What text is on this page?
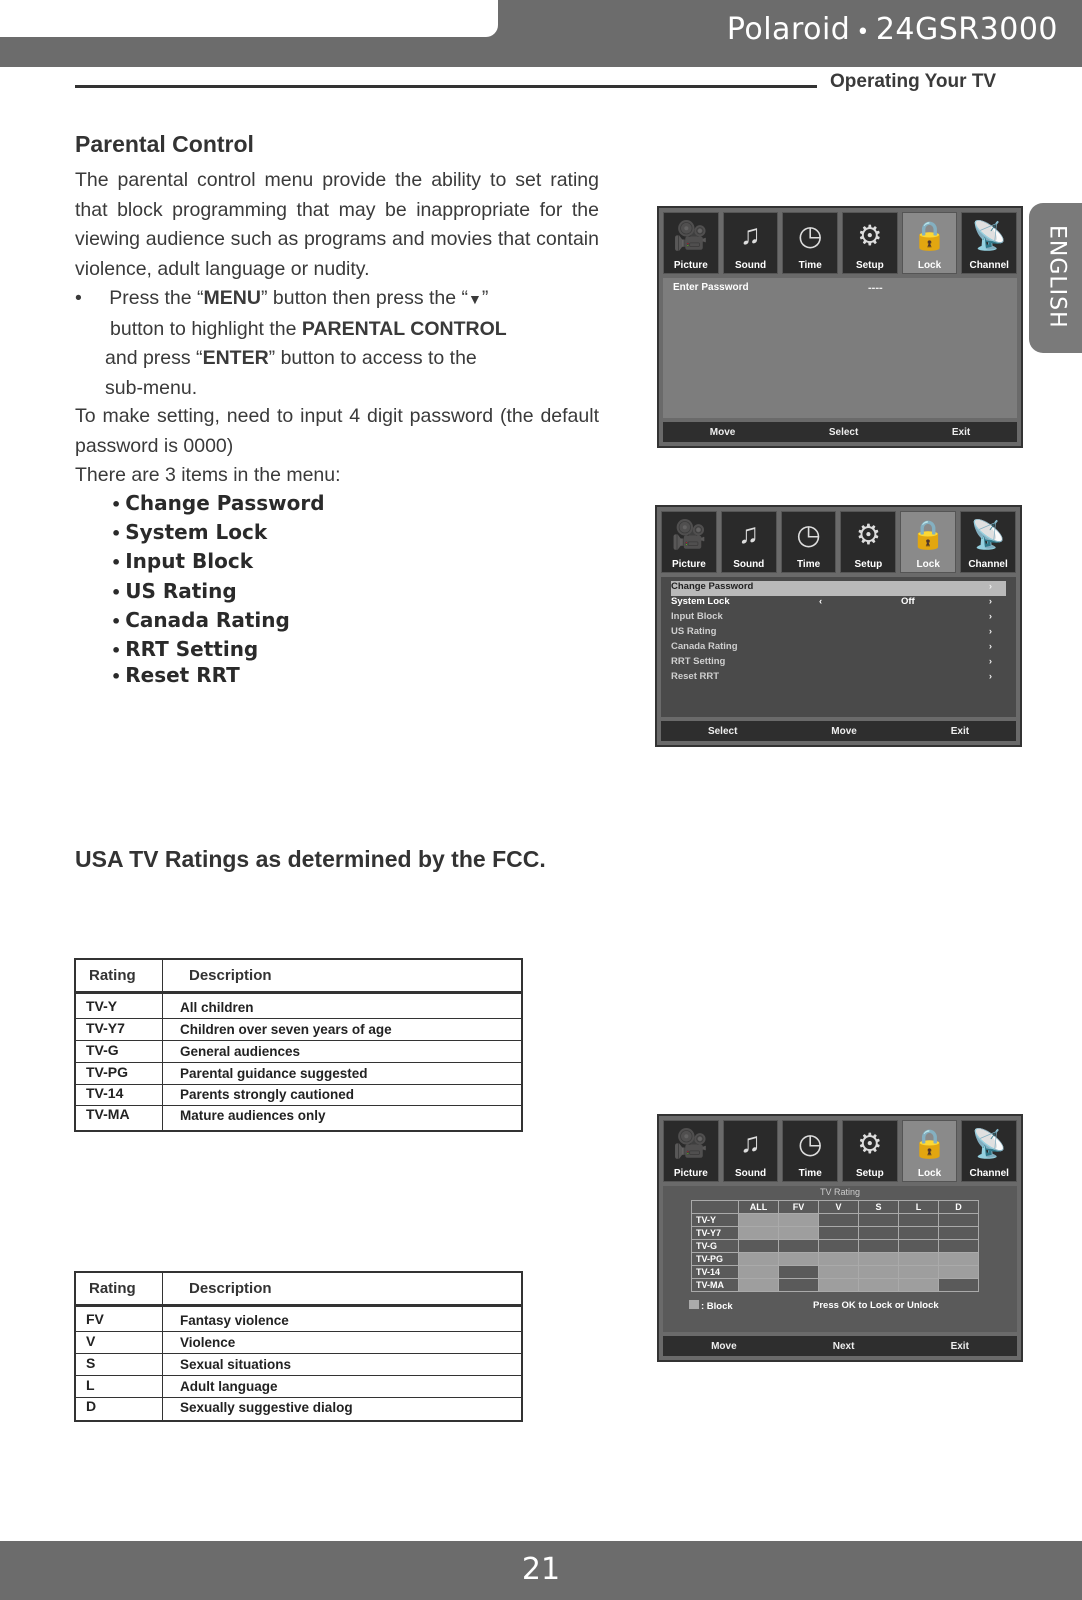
Polaroid • 24GSR3000
Operating Your TV
ENGLISH
Parental Control
The parental control menu provide the ability to set rating that block programming that may be inappropriate for the viewing audience such as programs and movies that contain violence, adult language or nudity.
• Press the “MENU” button then press the “▼”
button to highlight the PARENTAL CONTROL
and press “ENTER” button to access to the
sub-menu.
To make setting, need to input 4 digit password (the default password is 0000)
There are 3 items in the menu:
• Change Password
• System Lock
• Input Block
• US Rating
• Canada Rating
• RRT Setting
• Reset RRT
USA TV Ratings as determined by the FCC.
Rating	Description
TV-Y	All children
TV-Y7	Children over seven years of age
TV-G	General audiences
TV-PG	Parental guidance suggested
TV-14	Parents strongly cautioned
TV-MA	Mature audiences only
Rating	Description
FV	Fantasy violence
V	Violence
S	Sexual situations
L	Adult language
D	Sexually suggestive dialog
🎥
Picture
♫
Sound
◷
Time
⚙
Setup
🔒
Lock
📡
Channel
Enter Password	----
Move	Select	Exit
🎥
Picture
♫
Sound
◷
Time
⚙
Setup
🔒
Lock
📡
Channel
Change Password	›
System Lock	‹	Off	›
Input Block	›
US Rating	›
Canada Rating	›
RRT Setting	›
Reset RRT	›
Select	Move	Exit
🎥
Picture
♫
Sound
◷
Time
⚙
Setup
🔒
Lock
📡
Channel
TV Rating
	ALL	FV	V	S	L	D
TV-Y						
TV-Y7						
TV-G						
TV-PG						
TV-14						
TV-MA						
: Block	Press OK to Lock or Unlock
Move	Next	Exit
21
